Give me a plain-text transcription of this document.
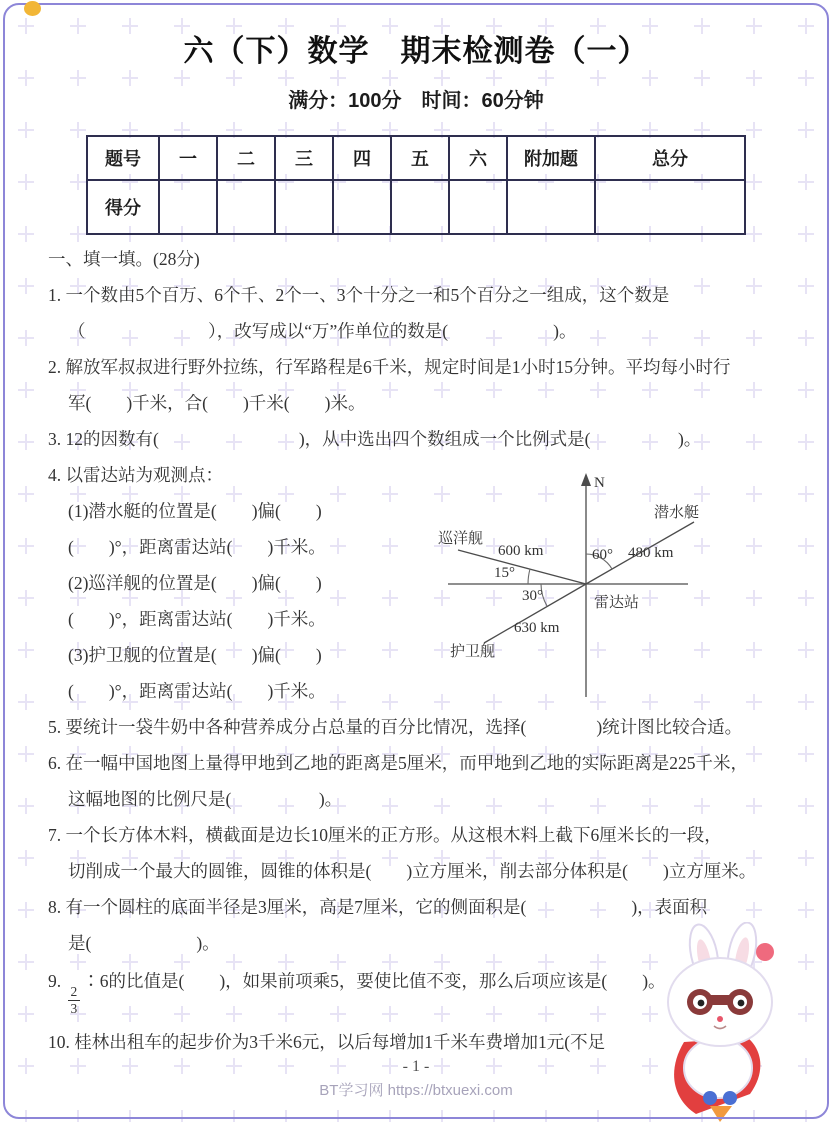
六（下）数学　期末检测卷（一）
满分：100分　时间：60分钟
题号	一	二	三	四	五	六	附加题	总分
得分								
一、填一填。(28分)
1. 一个数由5个百万、6个千、2个一、3个十分之一和5个百分之一组成，这个数是
（　　　　　　　），改写成以“万”作单位的数是(　　　　　　)。
2. 解放军叔叔进行野外拉练，行军路程是6千米，规定时间是1小时15分钟。平均每小时行
军(　　)千米，合(　　)千米(　　)米。
3. 12的因数有(　　　　　　　　)，从中选出四个数组成一个比例式是(　　　　　)。
4. 以雷达站为观测点：
(1)潜水艇的位置是(　　)偏(　　)
(　　)°，距离雷达站(　　)千米。
(2)巡洋舰的位置是(　　)偏(　　)
(　　)°，距离雷达站(　　)千米。
(3)护卫舰的位置是(　　)偏(　　)
(　　)°，距离雷达站(　　)千米。
N
潜水艇
480 km
60°
巡洋舰
600 km
15°
雷达站
30°
630 km
护卫舰
5. 要统计一袋牛奶中各种营养成分占总量的百分比情况，选择(　　　　)统计图比较合适。
6. 在一幅中国地图上量得甲地到乙地的距离是5厘米，而甲地到乙地的实际距离是225千米，
这幅地图的比例尺是(　　　　　)。
7. 一个长方体木料，横截面是边长10厘米的正方形。从这根木料上截下6厘米长的一段，
切削成一个最大的圆锥，圆锥的体积是(　　)立方厘米，削去部分体积是(　　)立方厘米。
8. 有一个圆柱的底面半径是3厘米，高是7厘米，它的侧面积是(　　　　　　)，表面积
是(　　　　　　)。
9.
$\frac{2}{3}$
∶6的比值是(　　)，如果前项乘5，要使比值不变，那么后项应该是(　　)。
10. 桂林出租车的起步价为3千米6元，以后每增加1千米车费增加1元(不足
- 1 -
BT学习网 https://btxuexi.com
